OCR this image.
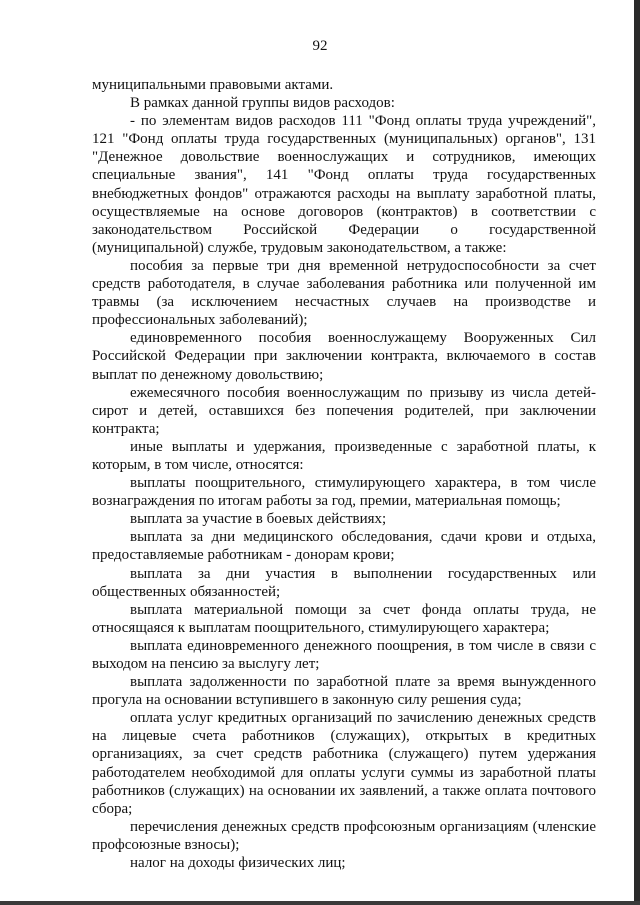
92

муниципальными правовыми актами.

В рамках данной группы видов расходов:

- по элементам видов расходов 111 "Фонд оплаты труда учреждений", 121 "Фонд оплаты труда государственных (муниципальных) органов", 131 "Денежное довольствие военнослужащих и сотрудников, имеющих специальные звания", 141 "Фонд оплаты труда государственных внебюджетных фондов" отражаются расходы на выплату заработной платы, осуществляемые на основе договоров (контрактов) в соответствии с законодательством Российской Федерации о государственной (муниципальной) службе, трудовым законодательством, а также:

пособия за первые три дня временной нетрудоспособности за счет средств работодателя, в случае заболевания работника или полученной им травмы (за исключением несчастных случаев на производстве и профессиональных заболеваний);

единовременного пособия военнослужащему Вооруженных Сил Российской Федерации при заключении контракта, включаемого в состав выплат по денежному довольствию;

ежемесячного пособия военнослужащим по призыву из числа детей-сирот и детей, оставшихся без попечения родителей, при заключении контракта;

иные выплаты и удержания, произведенные с заработной платы, к которым, в том числе, относятся:

выплаты поощрительного, стимулирующего характера, в том числе вознаграждения по итогам работы за год, премии, материальная помощь;

выплата за участие в боевых действиях;

выплата за дни медицинского обследования, сдачи крови и отдыха, предоставляемые работникам - донорам крови;

выплата за дни участия в выполнении государственных или общественных обязанностей;

выплата материальной помощи за счет фонда оплаты труда, не относящаяся к выплатам поощрительного, стимулирующего характера;

выплата единовременного денежного поощрения, в том числе в связи с выходом на пенсию за выслугу лет;

выплата задолженности по заработной плате за время вынужденного прогула на основании вступившего в законную силу решения суда;

оплата услуг кредитных организаций по зачислению денежных средств на лицевые счета работников (служащих), открытых в кредитных организациях, за счет средств работника (служащего) путем удержания работодателем необходимой для оплаты услуги суммы из заработной платы работников (служащих) на основании их заявлений, а также оплата почтового сбора;

перечисления денежных средств профсоюзным организациям (членские профсоюзные взносы);

налог на доходы физических лиц;
